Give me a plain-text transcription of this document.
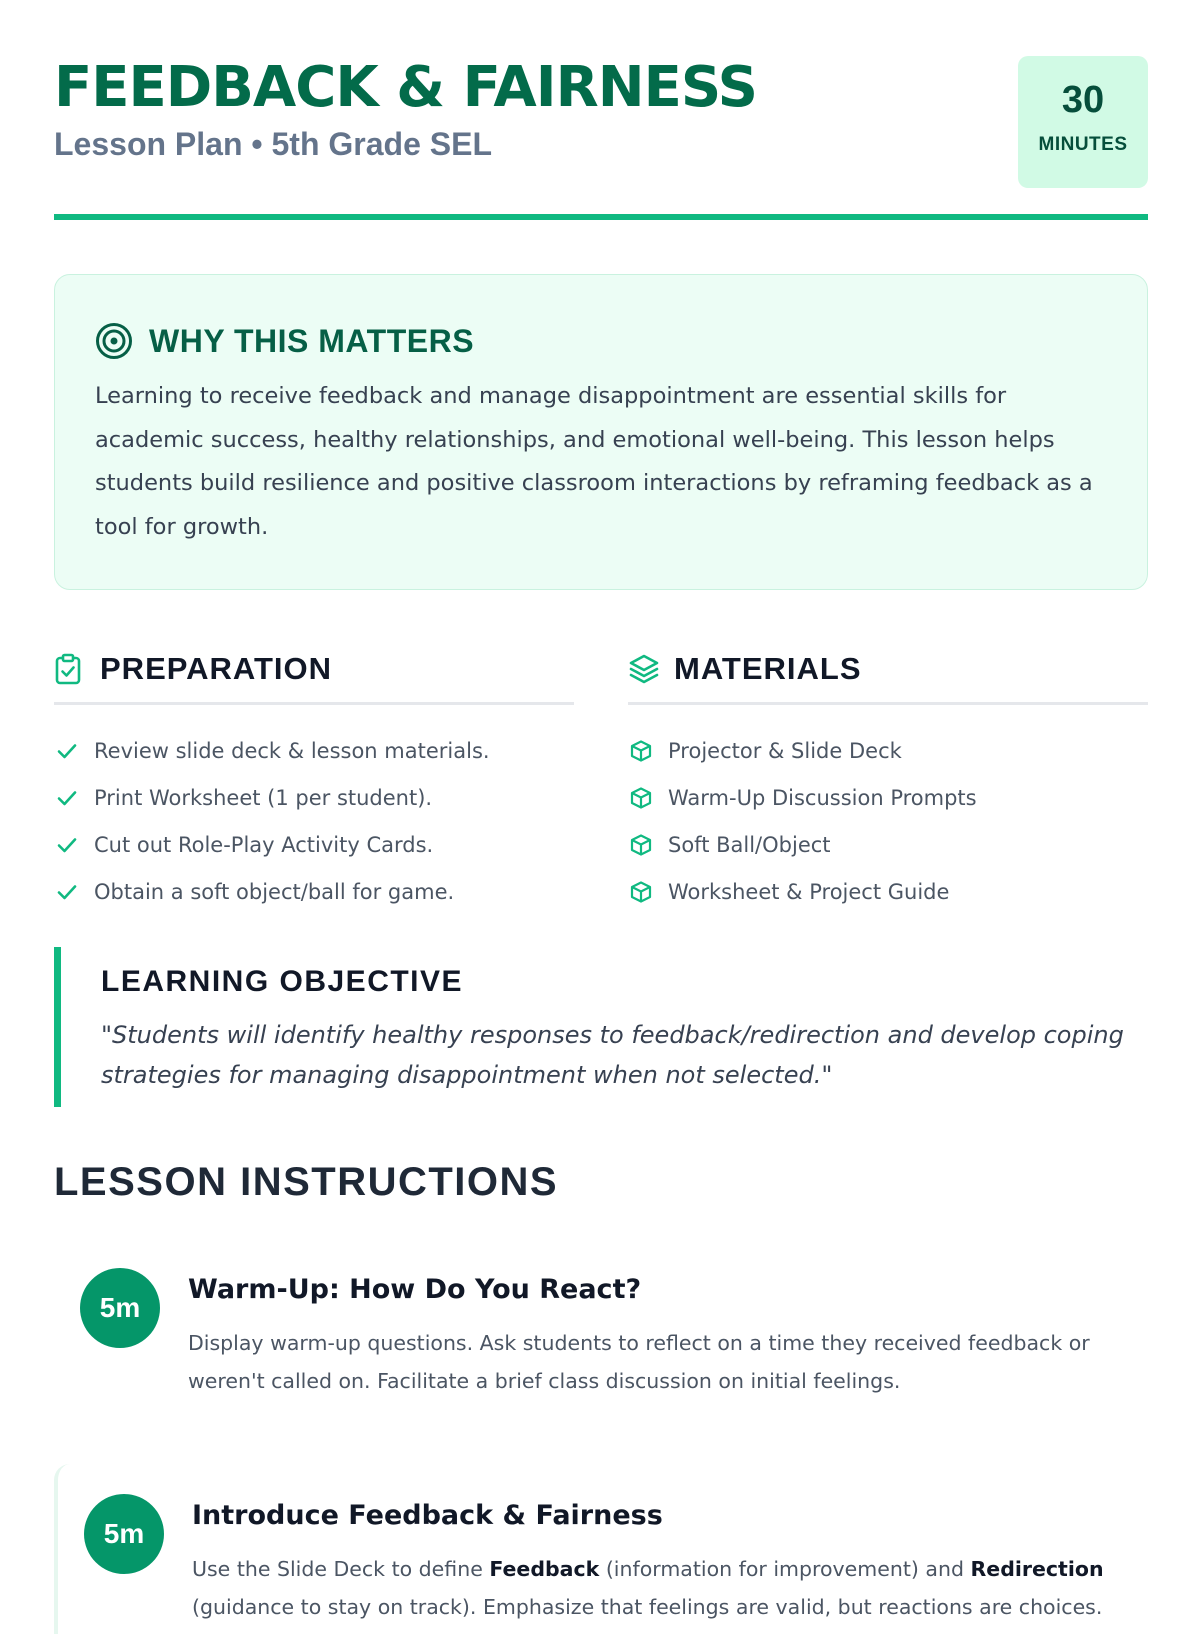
FEEDBACK & FAIRNESS
Lesson Plan • 5th Grade SEL
30
MINUTES
WHY THIS MATTERS

Learning to receive feedback and manage disappointment are essential skills for academic success, healthy relationships, and emotional well-being. This lesson helps students build resilience and positive classroom interactions by reframing feedback as a tool for growth.

PREPARATION
Review slide deck & lesson materials.
Print Worksheet (1 per student).
Cut out Role-Play Activity Cards.
Obtain a soft object/ball for game.
MATERIALS
Projector & Slide Deck
Warm-Up Discussion Prompts
Soft Ball/Object
Worksheet & Project Guide
LEARNING OBJECTIVE

"Students will identify healthy responses to feedback/redirection and develop coping strategies for managing disappointment when not selected."

LESSON INSTRUCTIONS
5m
Warm-Up: How Do You React?

Display warm-up questions. Ask students to reflect on a time they received feedback or weren't called on. Facilitate a brief class discussion on initial feelings.

5m
Introduce Feedback & Fairness

Use the Slide Deck to define Feedback (information for improvement) and Redirection (guidance to stay on track). Emphasize that feelings are valid, but reactions are choices.
